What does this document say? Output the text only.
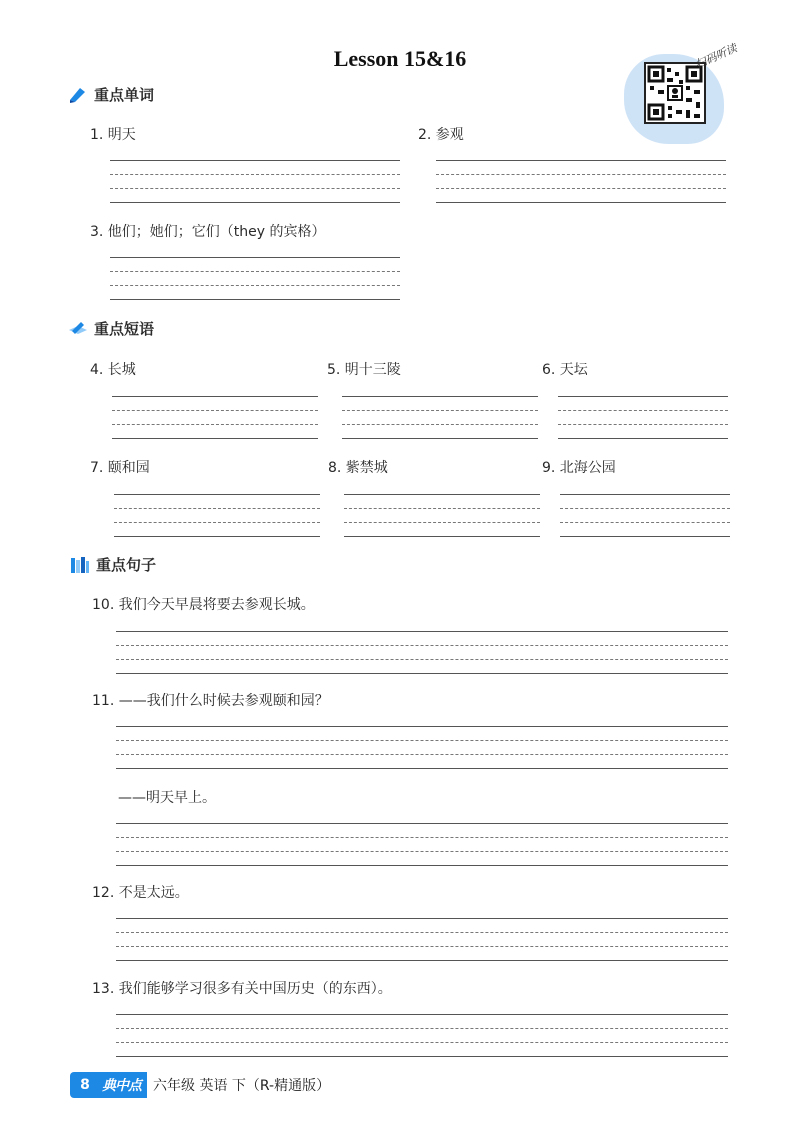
Lesson 15&16	扫码听读
重点单词
1. 明天	2. 参观
3. 他们；她们；它们（they 的宾格）
重点短语
4. 长城	5. 明十三陵	6. 天坛
7. 颐和园	8. 紫禁城	9. 北海公园
重点句子
10. 我们今天早晨将要去参观长城。
11. ——我们什么时候去参观颐和园？
——明天早上。
12. 不是太远。
13. 我们能够学习很多有关中国历史（的东西）。
8 典中点 六年级 英语 下（R-精通版）
